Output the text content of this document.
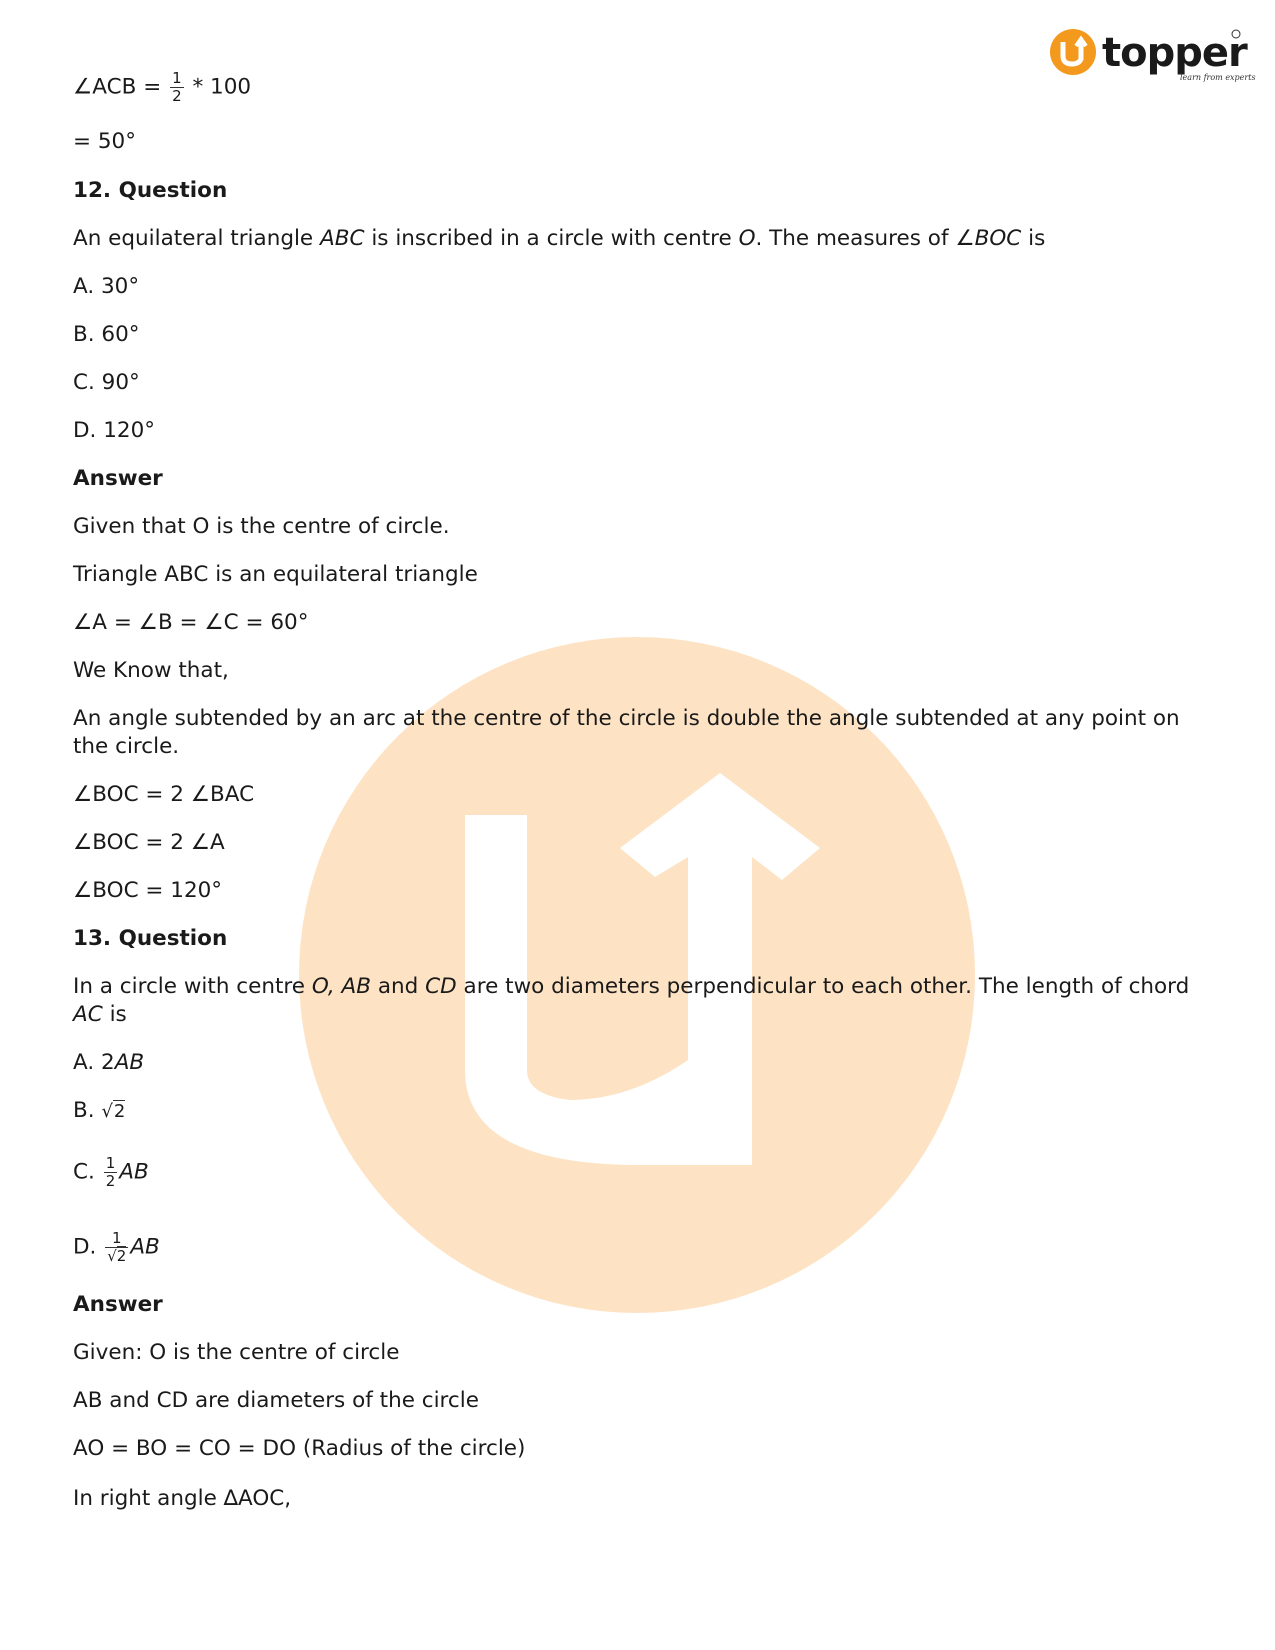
topper
learn from experts
∠ACB = $\frac{1}{2} * 100$
= 50°
12. Question
An equilateral triangle ABC is inscribed in a circle with centre O. The measures of ∠BOC is
A. 30°
B. 60°
C. 90°
D. 120°
Answer
Given that O is the centre of circle.
Triangle ABC is an equilateral triangle
∠A = ∠B = ∠C = 60°
We Know that,
An angle subtended by an arc at the centre of the circle is double the angle subtended at any point on the circle.
∠BOC = 2 ∠BAC
∠BOC = 2 ∠A
∠BOC = 120°
13. Question
In a circle with centre O, AB and CD are two diameters perpendicular to each other. The length of chord AC is
A. 2AB
B. √2
C. $\frac{1}{2}$ AB
D. $\frac{1}{√2}$ AB
Answer
Given: O is the centre of circle
AB and CD are diameters of the circle
AO = BO = CO = DO (Radius of the circle)
In right angle ∆AOC,
